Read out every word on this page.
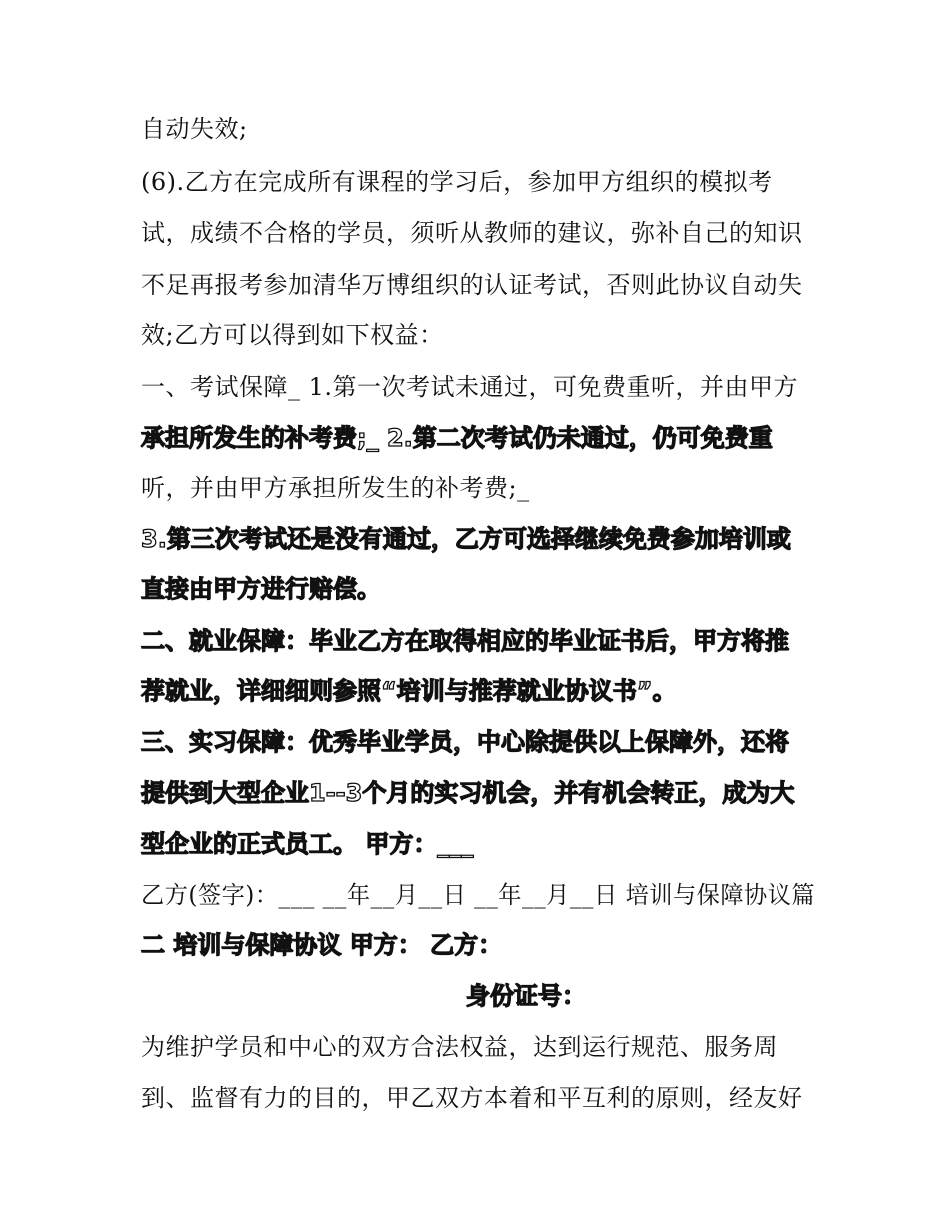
自动失效;
(6).乙方在完成所有课程的学习后，参加甲方组织的模拟考
试，成绩不合格的学员，须听从教师的建议，弥补自己的知识
不足再报考参加清华万博组织的认证考试，否则此协议自动失
效;乙方可以得到如下权益：
一、考试保障_ 1.第一次考试未通过，可免费重听，并由甲方
承担所发生的补考费;_ 2.第二次考试仍未通过，仍可免费重
听，并由甲方承担所发生的补考费;_
3.第三次考试还是没有通过，乙方可选择继续免费参加培训或
直接由甲方进行赔偿。
二、就业保障：毕业乙方在取得相应的毕业证书后，甲方将推
荐就业，详细细则参照“培训与推荐就业协议书”。
三、实习保障：优秀毕业学员，中心除提供以上保障外，还将
提供到大型企业1--3个月的实习机会，并有机会转正，成为大
型企业的正式员工。 甲方：___
乙方(签字)：___ __年__月__日 __年__月__日 培训与保障协议篇
二 培训与保障协议 甲方： 乙方：
身份证号：
为维护学员和中心的双方合法权益，达到运行规范、服务周
到、监督有力的目的，甲乙双方本着和平互利的原则，经友好
